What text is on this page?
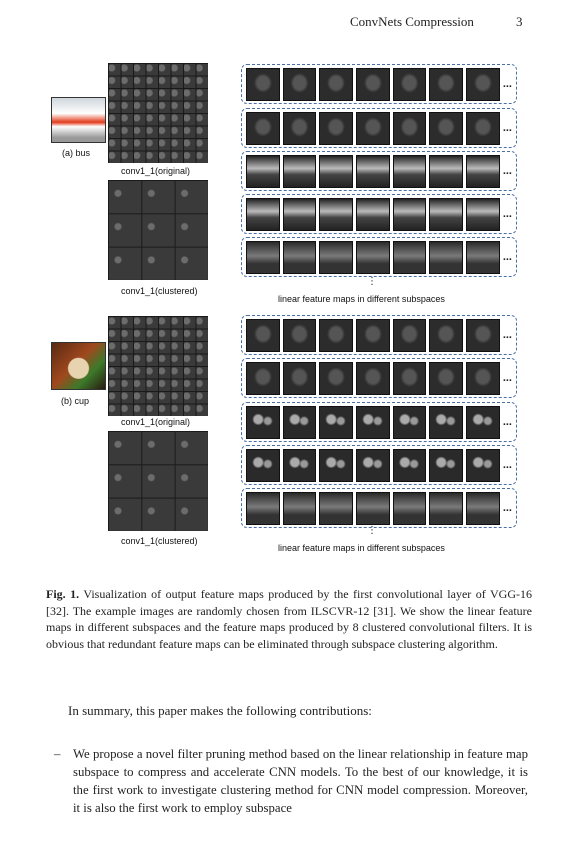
ConvNets Compression	3
(a) bus
conv1_1(original)
conv1_1(clustered)
...
...
...
...
...
⋮
linear feature maps in different subspaces
(b) cup
conv1_1(original)
conv1_1(clustered)
...
...
...
...
...
⋮
linear feature maps in different subspaces
Fig. 1. Visualization of output feature maps produced by the first convolutional layer of VGG-16 [32]. The example images are randomly chosen from ILSCVR-12 [31]. We show the linear feature maps in different subspaces and the feature maps produced by 8 clustered convolutional filters. It is obvious that redundant feature maps can be eliminated through subspace clustering algorithm.
In summary, this paper makes the following contributions:
– We propose a novel filter pruning method based on the linear relationship in feature map subspace to compress and accelerate CNN models. To the best of our knowledge, it is the first work to investigate clustering method for CNN model compression. Moreover, it is also the first work to employ subspace
